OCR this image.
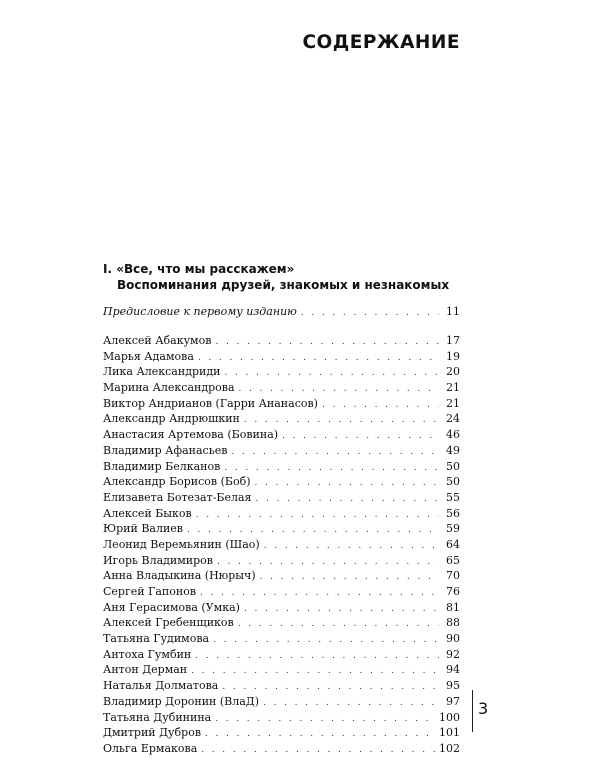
СОДЕРЖАНИЕ
I. «Все, что мы расскажем»
Воспоминания друзей, знакомых и незнакомых
Предисловие к первому изданию . . .	11
Алексей Абакумов . . .	17
Марья Адамова . . .	19
Лика Александриди . . .	20
Марина Александрова . . .	21
Виктор Андрианов (Гарри Ананасов) . . .	21
Александр Андрюшкин . . .	24
Анастасия Артемова (Бовина) . . .	46
Владимир Афанасьев . . .	49
Владимир Белканов . . .	50
Александр Борисов (Боб) . . .	50
Елизавета Ботезат-Белая . . .	55
Алексей Быков . . .	56
Юрий Валиев . . .	59
Леонид Веремьянин (Шао) . . .	64
Игорь Владимиров . . .	65
Анна Владыкина (Нюрыч) . . .	70
Сергей Гапонов . . .	76
Аня Герасимова (Умка) . . .	81
Алексей Гребенщиков . . .	88
Татьяна Гудимова . . .	90
Антоха Гумбин . . .	92
Антон Дерман . . .	94
Наталья Долматова . . .	95
Владимир Доронин (ВлаД) . . .	97
Татьяна Дубинина . . .	100
Дмитрий Дубров . . .	101
Ольга Ермакова . . .	102
3
